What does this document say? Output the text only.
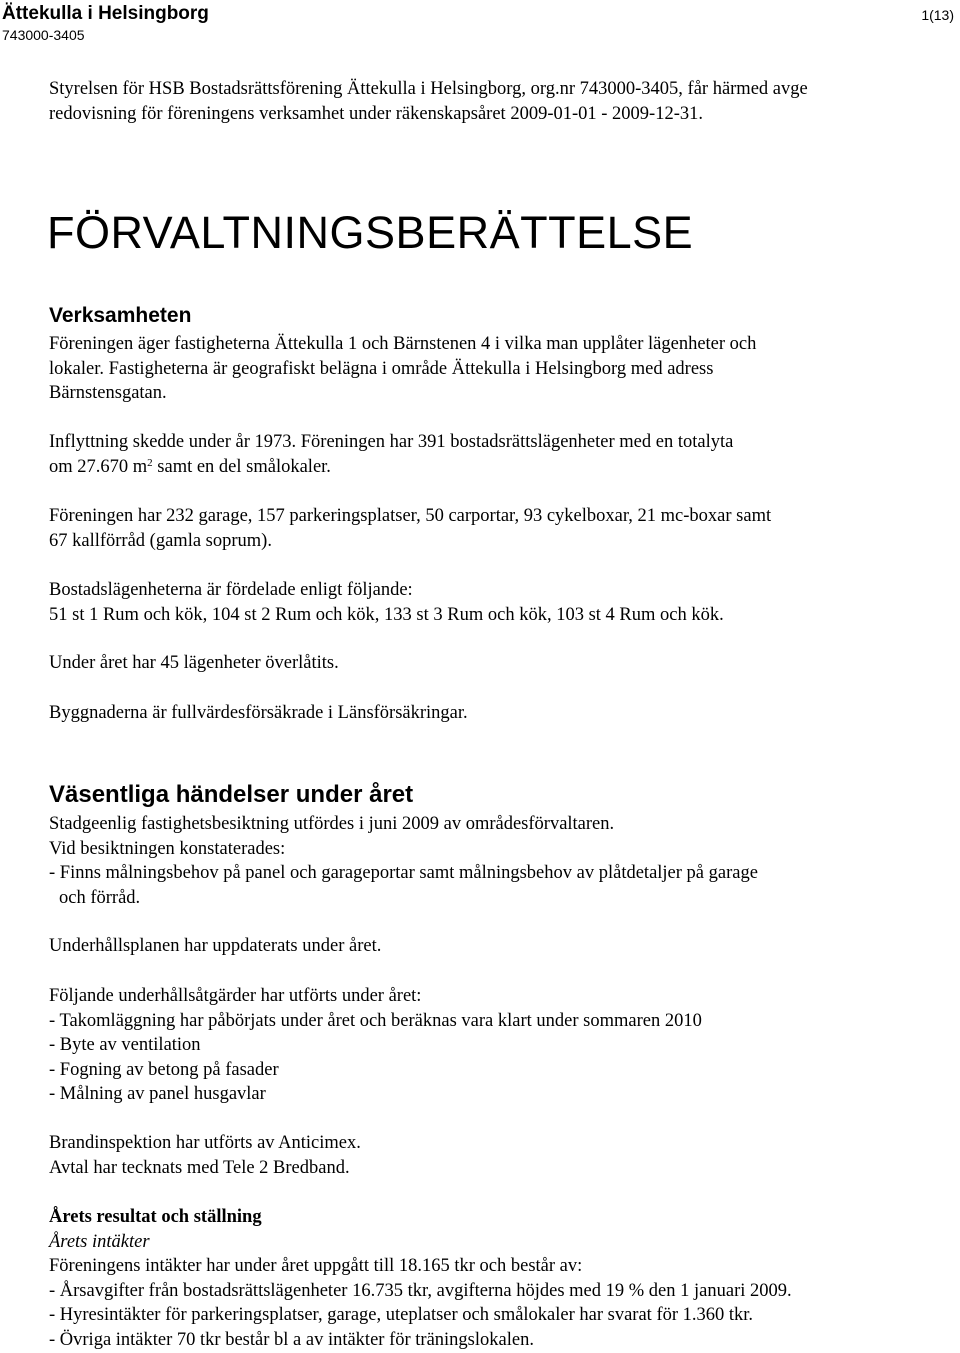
Ättekulla i Helsingborg
743000-3405
1(13)
Styrelsen för HSB Bostadsrättsförening Ättekulla i Helsingborg, org.nr 743000-3405, får härmed avge
redovisning för föreningens verksamhet under räkenskapsåret 2009-01-01 - 2009-12-31.
FÖRVALTNINGSBERÄTTELSE
Verksamheten
Föreningen äger fastigheterna Ättekulla 1 och Bärnstenen 4 i vilka man upplåter lägenheter och
lokaler. Fastigheterna är geografiskt belägna i område Ättekulla i Helsingborg med adress
Bärnstensgatan.
Inflyttning skedde under år 1973. Föreningen har 391 bostadsrättslägenheter med en totalyta
om 27.670 $m^2$ samt en del smålokaler.
Föreningen har 232 garage, 157 parkeringsplatser, 50 carportar, 93 cykelboxar, 21 mc-boxar samt
67 kallförråd (gamla soprum).
Bostadslägenheterna är fördelade enligt följande:
51 st 1 Rum och kök, 104 st 2 Rum och kök, 133 st 3 Rum och kök, 103 st 4 Rum och kök.
Under året har 45 lägenheter överlåtits.
Byggnaderna är fullvärdesförsäkrade i Länsförsäkringar.
Väsentliga händelser under året
Stadgeenlig fastighetsbesiktning utfördes i juni 2009 av områdesförvaltaren.
Vid besiktningen konstaterades:
- Finns målningsbehov på panel och garageportar samt målningsbehov av plåtdetaljer på garage
och förråd.
Underhållsplanen har uppdaterats under året.
Följande underhållsåtgärder har utförts under året:
- Takomläggning har påbörjats under året och beräknas vara klart under sommaren 2010
- Byte av ventilation
- Fogning av betong på fasader
- Målning av panel husgavlar
Brandinspektion har utförts av Anticimex.
Avtal har tecknats med Tele 2 Bredband.
Årets resultat och ställning
Årets intäkter
Föreningens intäkter har under året uppgått till 18.165 tkr och består av:
- Årsavgifter från bostadsrättslägenheter 16.735 tkr, avgifterna höjdes med 19 % den 1 januari 2009.
- Hyresintäkter för parkeringsplatser, garage, uteplatser och smålokaler har svarat för 1.360 tkr.
- Övriga intäkter 70 tkr består bl a av intäkter för träningslokalen.
